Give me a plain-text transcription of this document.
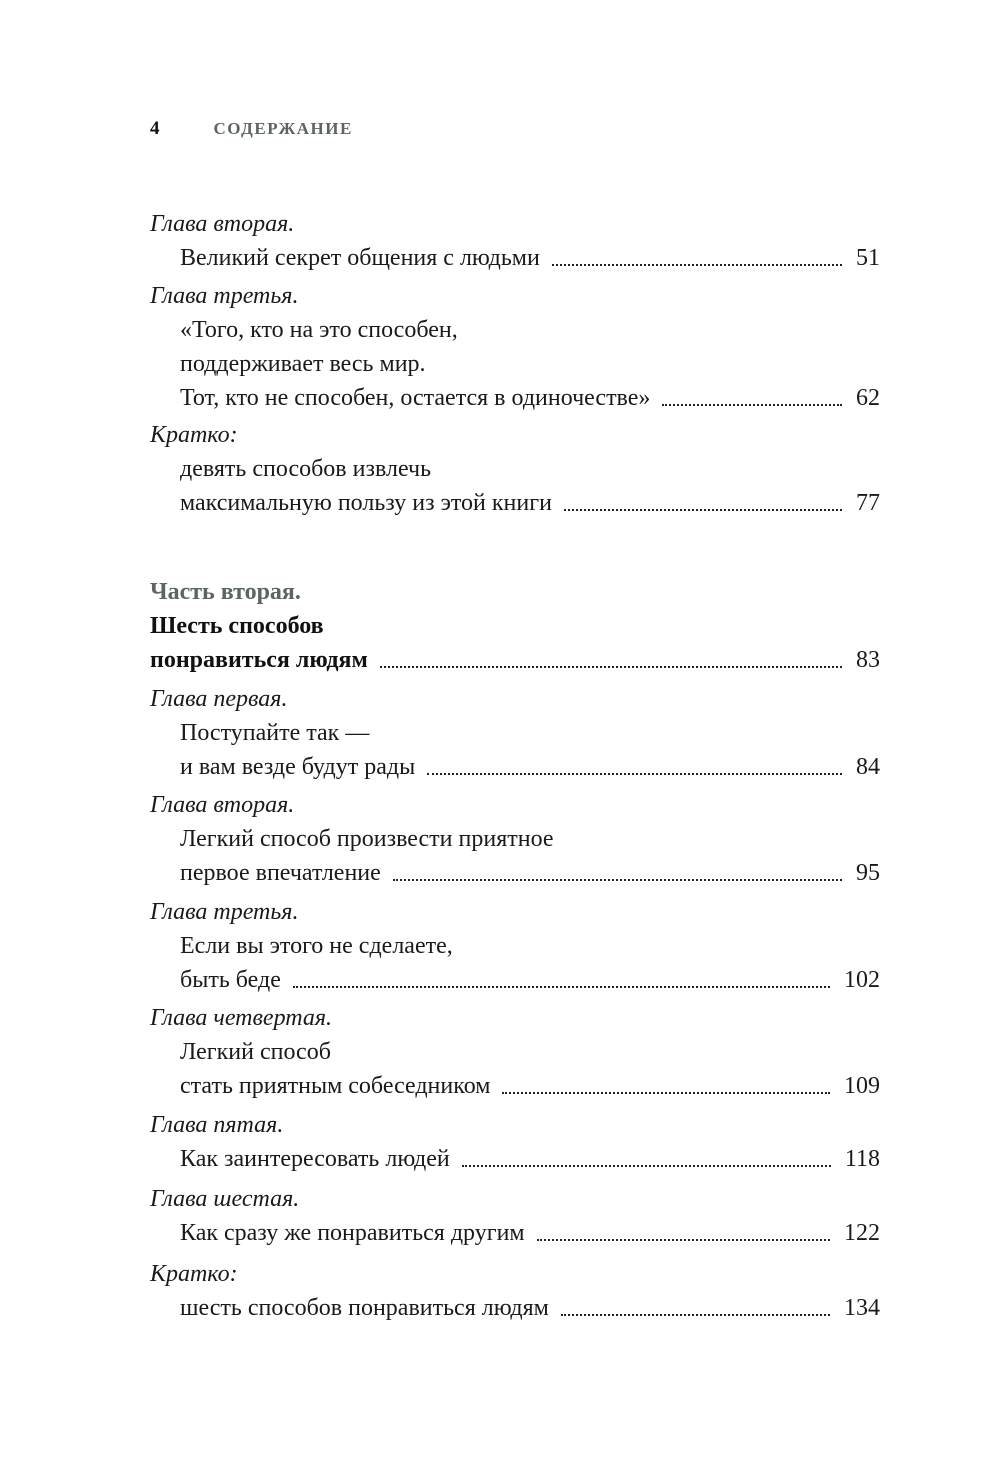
4	СОДЕРЖАНИЕ
Глава вторая.
Великий секрет общения с людьми	51
Глава третья.
«Того, кто на это способен,
поддерживает весь мир.
Тот, кто не способен, остается в одиночестве»	62
Кратко:
девять способов извлечь
максимальную пользу из этой книги	77
Часть вторая.
Шесть способов
понравиться людям	83
Глава первая.
Поступайте так —
и вам везде будут рады	84
Глава вторая.
Легкий способ произвести приятное
первое впечатление	95
Глава третья.
Если вы этого не сделаете,
быть беде	102
Глава четвертая.
Легкий способ
стать приятным собеседником	109
Глава пятая.
Как заинтересовать людей	118
Глава шестая.
Как сразу же понравиться другим	122
Кратко:
шесть способов понравиться людям	134
